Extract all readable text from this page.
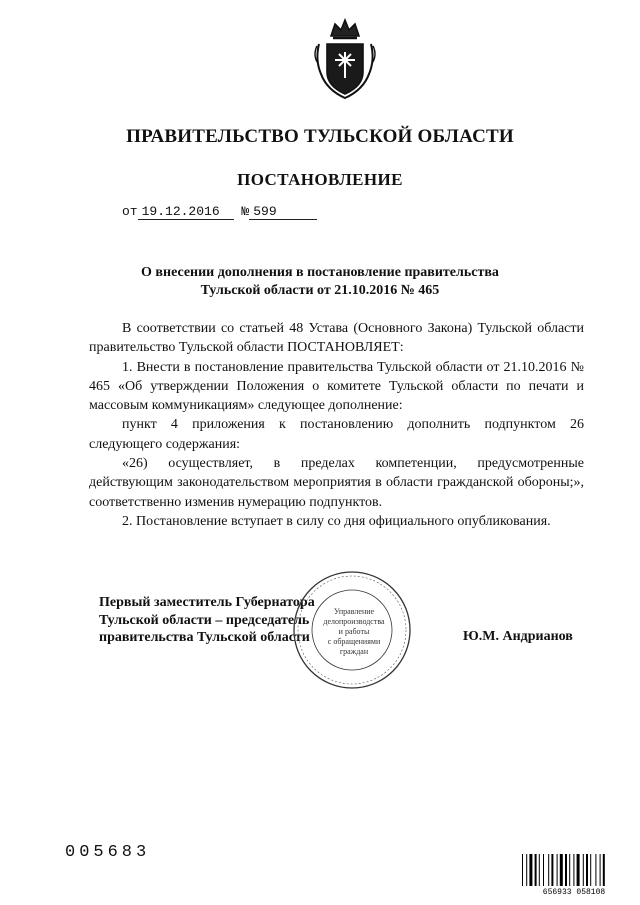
ПРАВИТЕЛЬСТВО ТУЛЬСКОЙ ОБЛАСТИ
ПОСТАНОВЛЕНИЕ
от 19.12.2016 № 599
О внесении дополнения в постановление правительства
Тульской области от 21.10.2016 № 465

В соответствии со статьей 48 Устава (Основного Закона) Тульской области правительство Тульской области ПОСТАНОВЛЯЕТ:

1. Внести в постановление правительства Тульской области от 21.10.2016 № 465 «Об утверждении Положения о комитете Тульской области по печати и массовым коммуникациям» следующее дополнение:

пункт 4 приложения к постановлению дополнить подпунктом 26 следующего содержания:

«26) осуществляет, в пределах компетенции, предусмотренные действующим законодательством мероприятия в области гражданской обороны;», соответственно изменив нумерацию подпунктов.

2. Постановление вступает в силу со дня официального опубликования.

Первый заместитель Губернатора
Тульской области – председатель
правительства Тульской области	Ю.М. Андрианов
Управление
делопроизводства
и работы
с обращениями
граждан
005683
656933 058108
